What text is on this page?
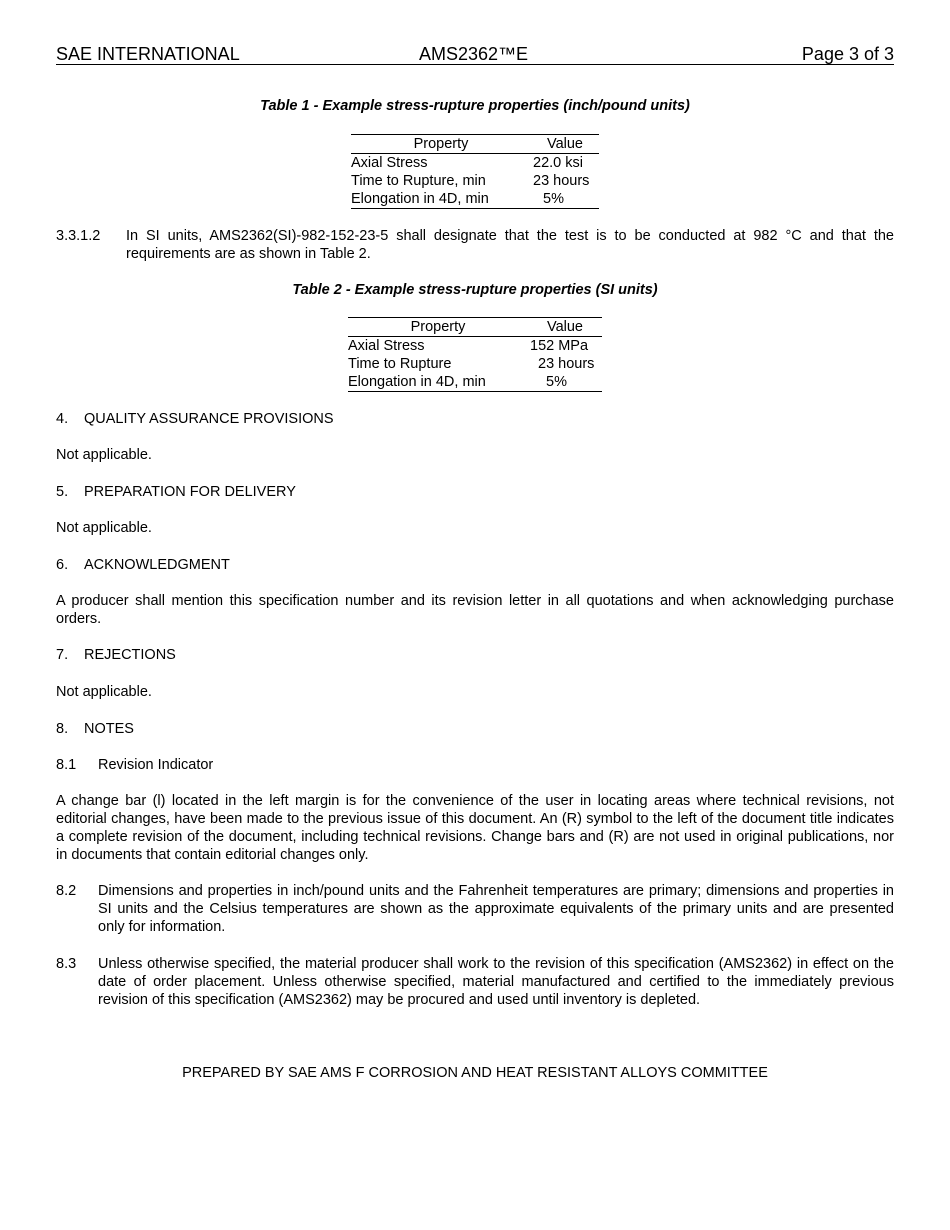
SAE INTERNATIONAL	AMS2362™E	Page 3 of 3
Table 1 - Example stress-rupture properties (inch/pound units)
Property	Value
Axial Stress	22.0 ksi
Time to Rupture, min	23 hours
Elongation in 4D, min	5%
3.3.1.2 In SI units, AMS2362(SI)-982-152-23-5 shall designate that the test is to be conducted at 982 °C and that the requirements are as shown in Table 2.
Table 2 - Example stress-rupture properties (SI units)
Property	Value
Axial Stress	152 MPa
Time to Rupture	23 hours
Elongation in 4D, min	5%
4. QUALITY ASSURANCE PROVISIONS
Not applicable.
5. PREPARATION FOR DELIVERY
Not applicable.
6. ACKNOWLEDGMENT
A producer shall mention this specification number and its revision letter in all quotations and when acknowledging purchase orders.
7. REJECTIONS
Not applicable.
8. NOTES
8.1 Revision Indicator
A change bar (l) located in the left margin is for the convenience of the user in locating areas where technical revisions, not editorial changes, have been made to the previous issue of this document. An (R) symbol to the left of the document title indicates a complete revision of the document, including technical revisions. Change bars and (R) are not used in original publications, nor in documents that contain editorial changes only.
8.2 Dimensions and properties in inch/pound units and the Fahrenheit temperatures are primary; dimensions and properties in SI units and the Celsius temperatures are shown as the approximate equivalents of the primary units and are presented only for information.
8.3 Unless otherwise specified, the material producer shall work to the revision of this specification (AMS2362) in effect on the date of order placement. Unless otherwise specified, material manufactured and certified to the immediately previous revision of this specification (AMS2362) may be procured and used until inventory is depleted.
PREPARED BY SAE AMS F CORROSION AND HEAT RESISTANT ALLOYS COMMITTEE
